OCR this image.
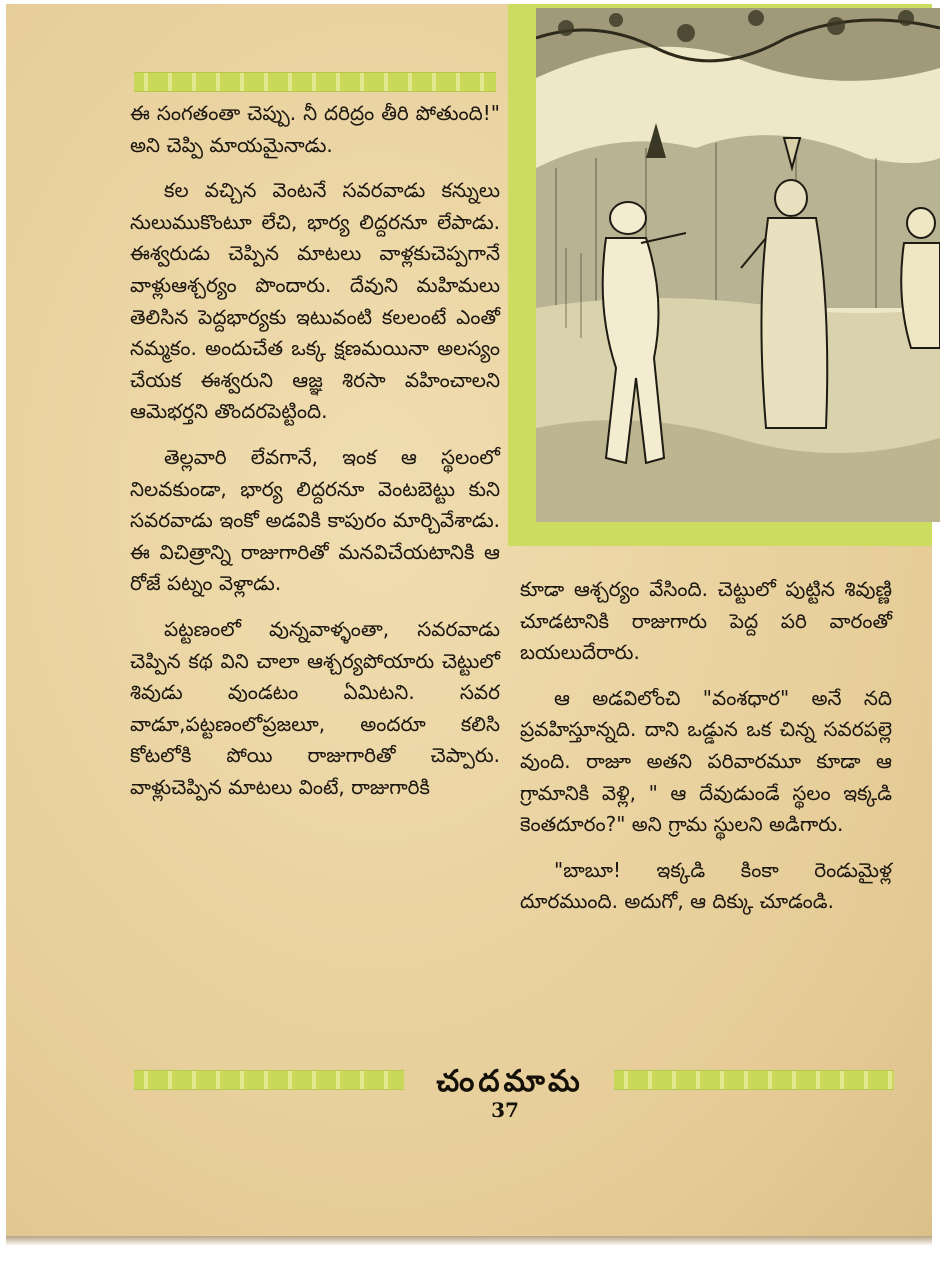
ఈ సంగతంతా చెప్పు. నీ దరిద్రం తీరి పోతుంది!" అని చెప్పి మాయమైనాడు.

కల వచ్చిన వెంటనే సవరవాడు కన్నులు నులుముకొంటూ లేచి, భార్య లిద్దరనూ లేపాడు. ఈశ్వరుడు చెప్పిన మాటలు వాళ్లకుచెప్పగానే వాళ్లుఆశ్చర్యం పొందారు. దేవుని మహిమలు తెలిసిన పెద్దభార్యకు ఇటువంటి కలలంటే ఎంతో నమ్మకం. అందుచేత ఒక్క క్షణమయినా అలస్యం చేయక ఈశ్వరుని ఆజ్ఞ శిరసా వహించాలని ఆమెభర్తని తొందరపెట్టింది.

తెల్లవారి లేవగానే, ఇంక ఆ స్థలంలో నిలవకుండా, భార్య లిద్దరనూ వెంటబెట్టు కుని సవరవాడు ఇంకో అడవికి కాపురం మార్చివేశాడు. ఈ విచిత్రాన్ని రాజుగారితో మనవిచేయటానికి ఆ రోజే పట్నం వెళ్లాడు.

పట్టణంలో వున్నవాళ్ళంతా, సవరవాడు చెప్పిన కథ విని చాలా ఆశ్చర్యపోయారు చెట్టులో శివుడు వుండటం ఏమిటని. సవర వాడూ,పట్టణంలోప్రజలూ, అందరూ కలిసి కోటలోకి పోయి రాజుగారితో చెప్పారు. వాళ్లుచెప్పిన మాటలు వింటే, రాజుగారికి

కూడా ఆశ్చర్యం వేసింది. చెట్టులో పుట్టిన శివుణ్ణి చూడటానికి రాజుగారు పెద్ద పరి వారంతో బయలుదేరారు.

ఆ అడవిలోంచి "వంశధార" అనే నది ప్రవహిస్తూన్నది. దాని ఒడ్డున ఒక చిన్న సవరపల్లె వుంది. రాజూ అతని పరివారమూ కూడా ఆ గ్రామానికి వెళ్లి, " ఆ దేవుడుండే స్థలం ఇక్కడి కెంతదూరం?" అని గ్రామ స్థులని అడిగారు.

"బాబూ! ఇక్కడి కింకా రెండుమైళ్ల దూరముంది. అదుగో, ఆ దిక్కు చూడండి.

చందమామ
37
